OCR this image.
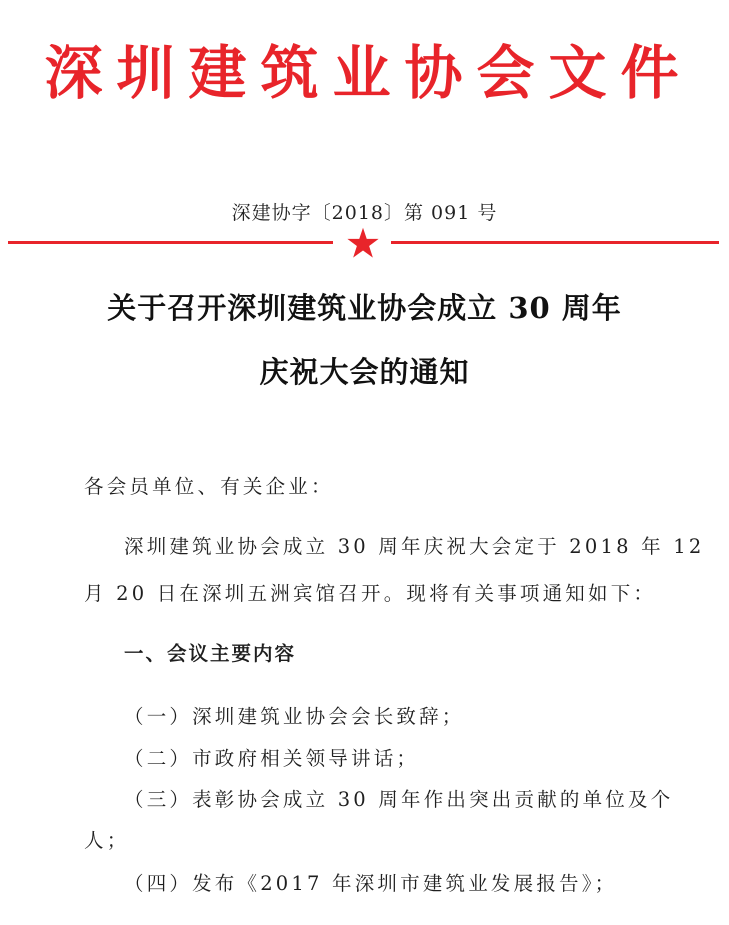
深圳建筑业协会文件
深建协字〔2018〕第 091 号
关于召开深圳建筑业协会成立 30 周年
庆祝大会的通知
各会员单位、有关企业：
深圳建筑业协会成立 30 周年庆祝大会定于 2018 年 12
月 20 日在深圳五洲宾馆召开。现将有关事项通知如下：
一、会议主要内容
（一）深圳建筑业协会会长致辞；
（二）市政府相关领导讲话；
（三）表彰协会成立 30 周年作出突出贡献的单位及个
人；
（四）发布《2017 年深圳市建筑业发展报告》；
